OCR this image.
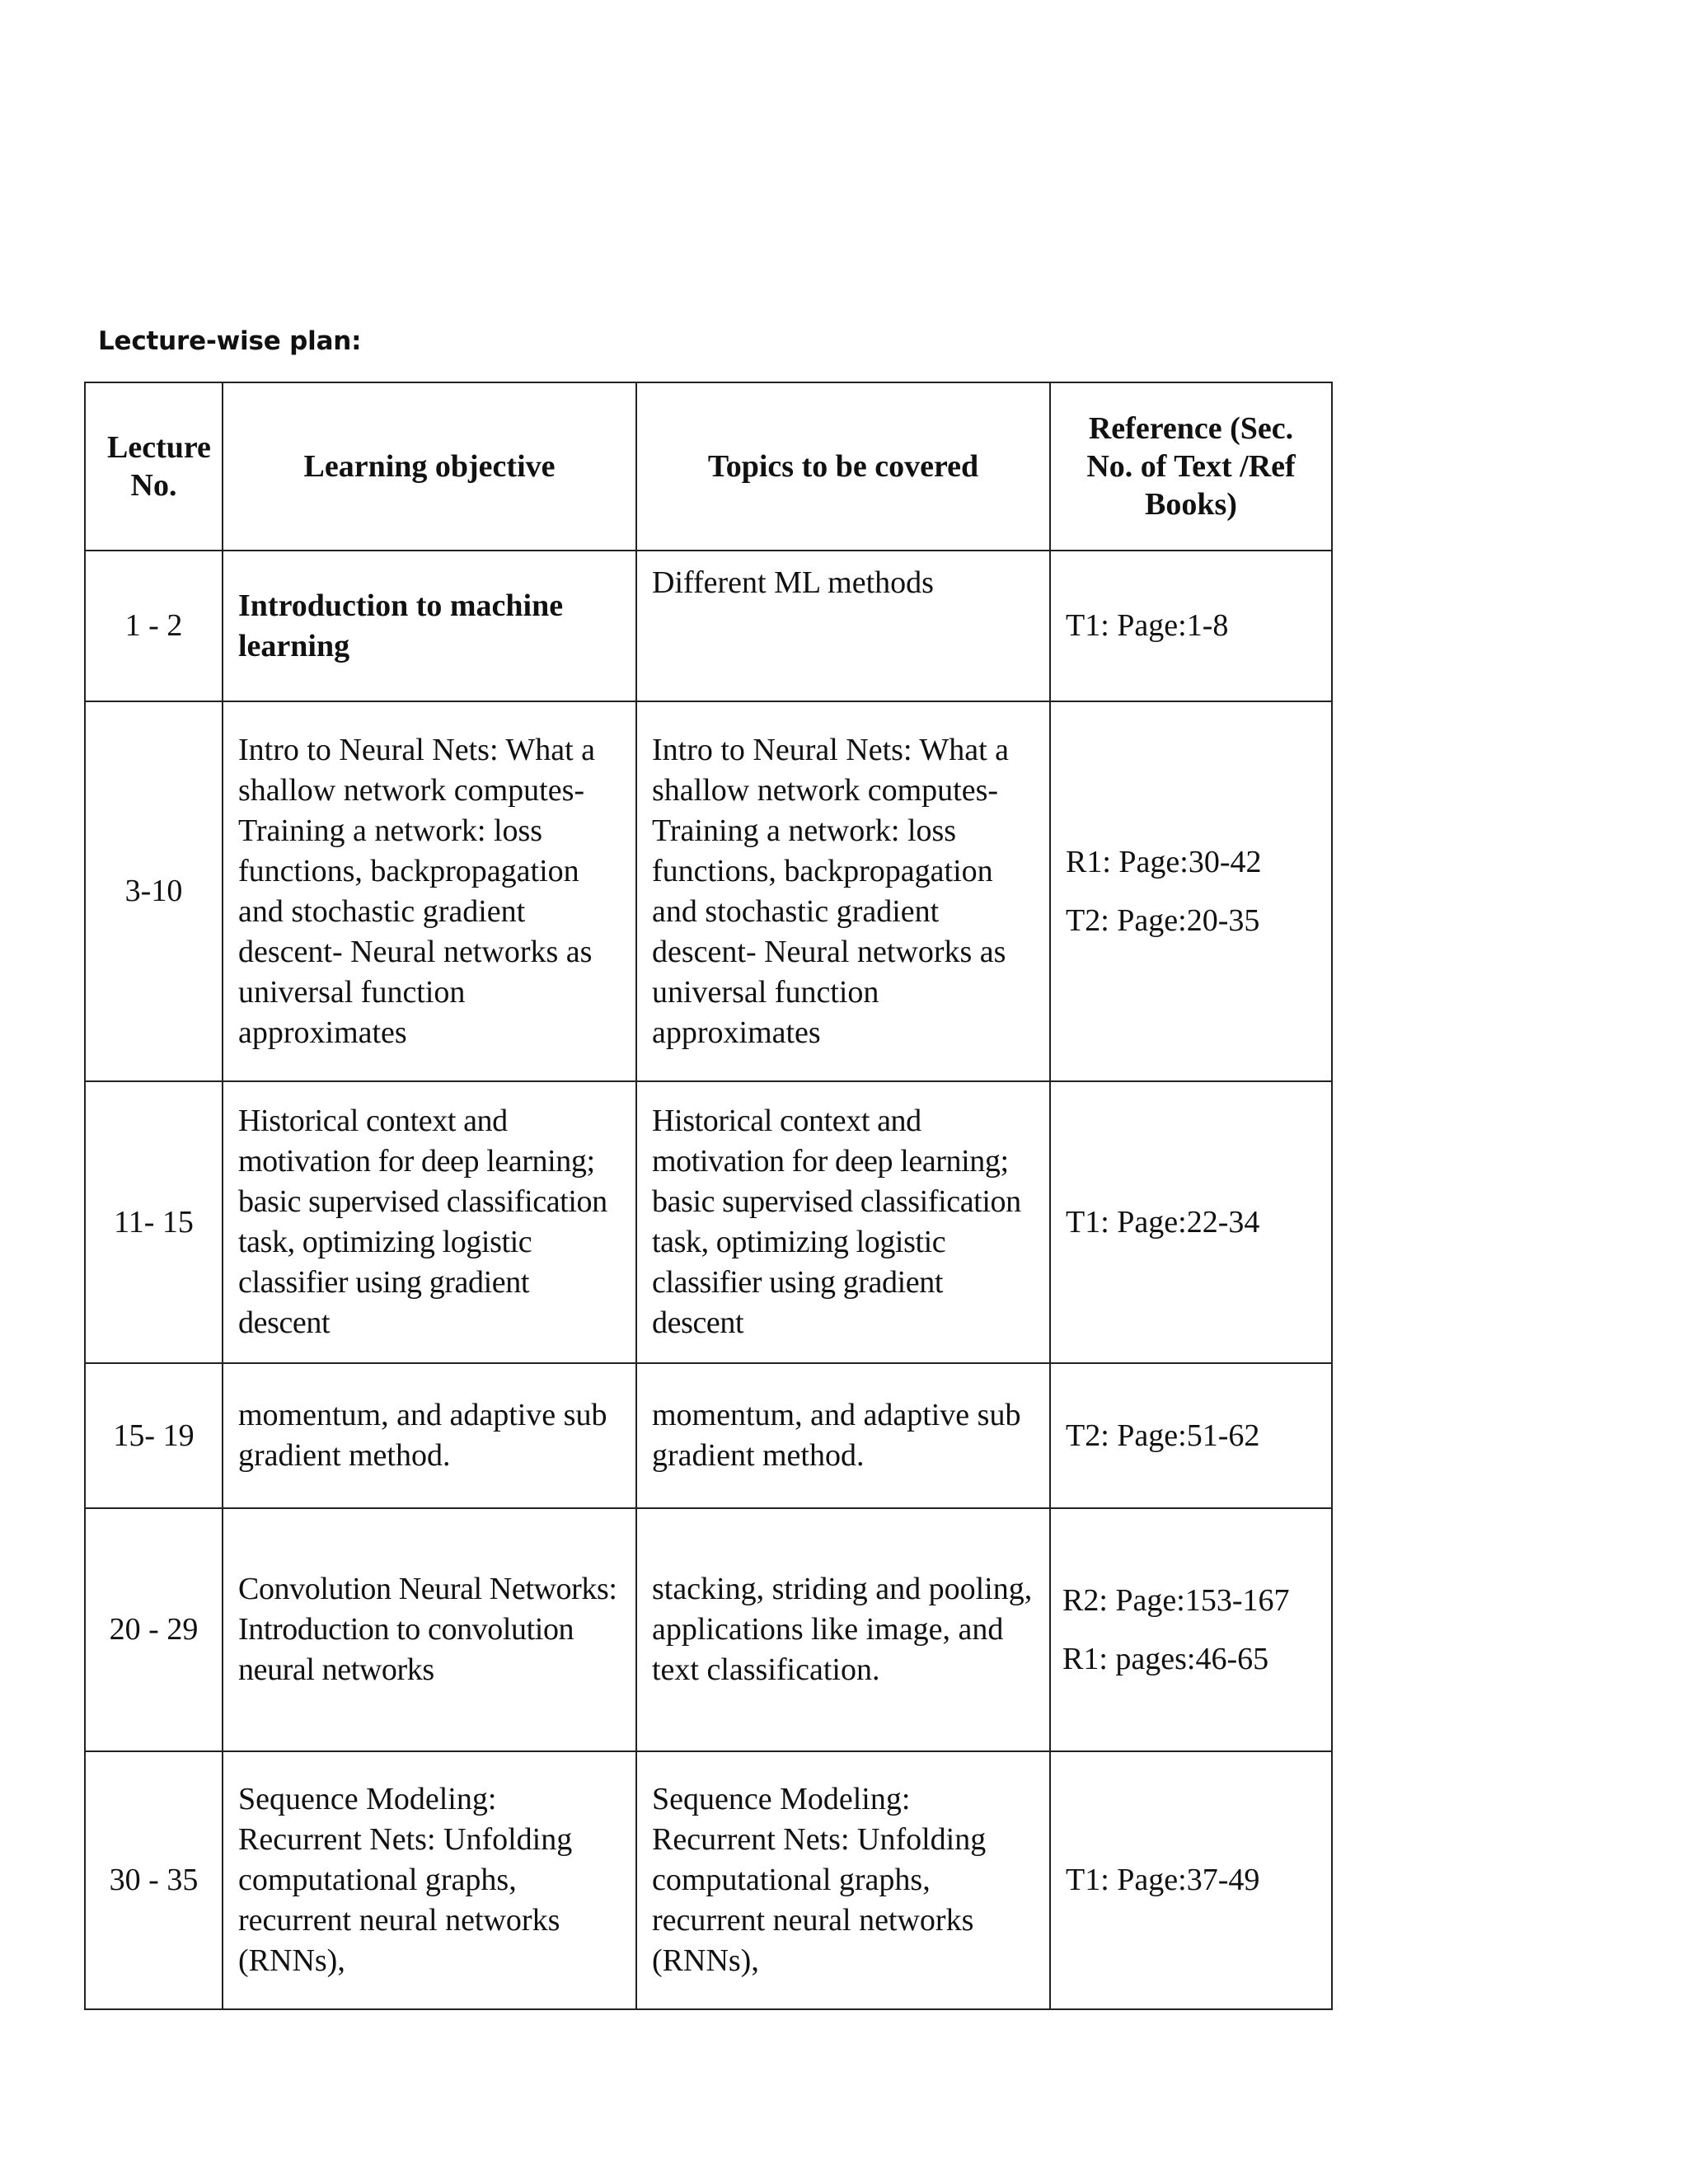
Lecture-wise plan:
Lecture No.	Learning objective	Topics to be covered	Reference (Sec. No. of Text /Ref Books)
1 - 2	Introduction to machine learning	Different ML methods	T1: Page:1-8

3-10	Intro to Neural Nets: What a shallow network computes- Training a network: loss functions, backpropagation and stochastic gradient descent- Neural networks as universal function approximates	Intro to Neural Nets: What a shallow network computes- Training a network: loss functions, backpropagation and stochastic gradient descent- Neural networks as universal function approximates	R1: Page:30-42
T2: Page:20-35

11- 15	Historical context and motivation for deep learning; basic supervised classification task, optimizing logistic classifier using gradient descent	Historical context and motivation for deep learning; basic supervised classification task, optimizing logistic classifier using gradient descent	T1: Page:22-34

15- 19	momentum, and adaptive sub gradient method.	momentum, and adaptive sub gradient method.	T2: Page:51-62

20 - 29	Convolution Neural Networks: Introduction to convolution neural networks	stacking, striding and pooling, applications like image, and text classification.	R2: Page:153-167
R1: pages:46-65

30 - 35	Sequence Modeling: Recurrent Nets: Unfolding computational graphs, recurrent neural networks (RNNs),	Sequence Modeling: Recurrent Nets: Unfolding computational graphs, recurrent neural networks (RNNs),	T1: Page:37-49
